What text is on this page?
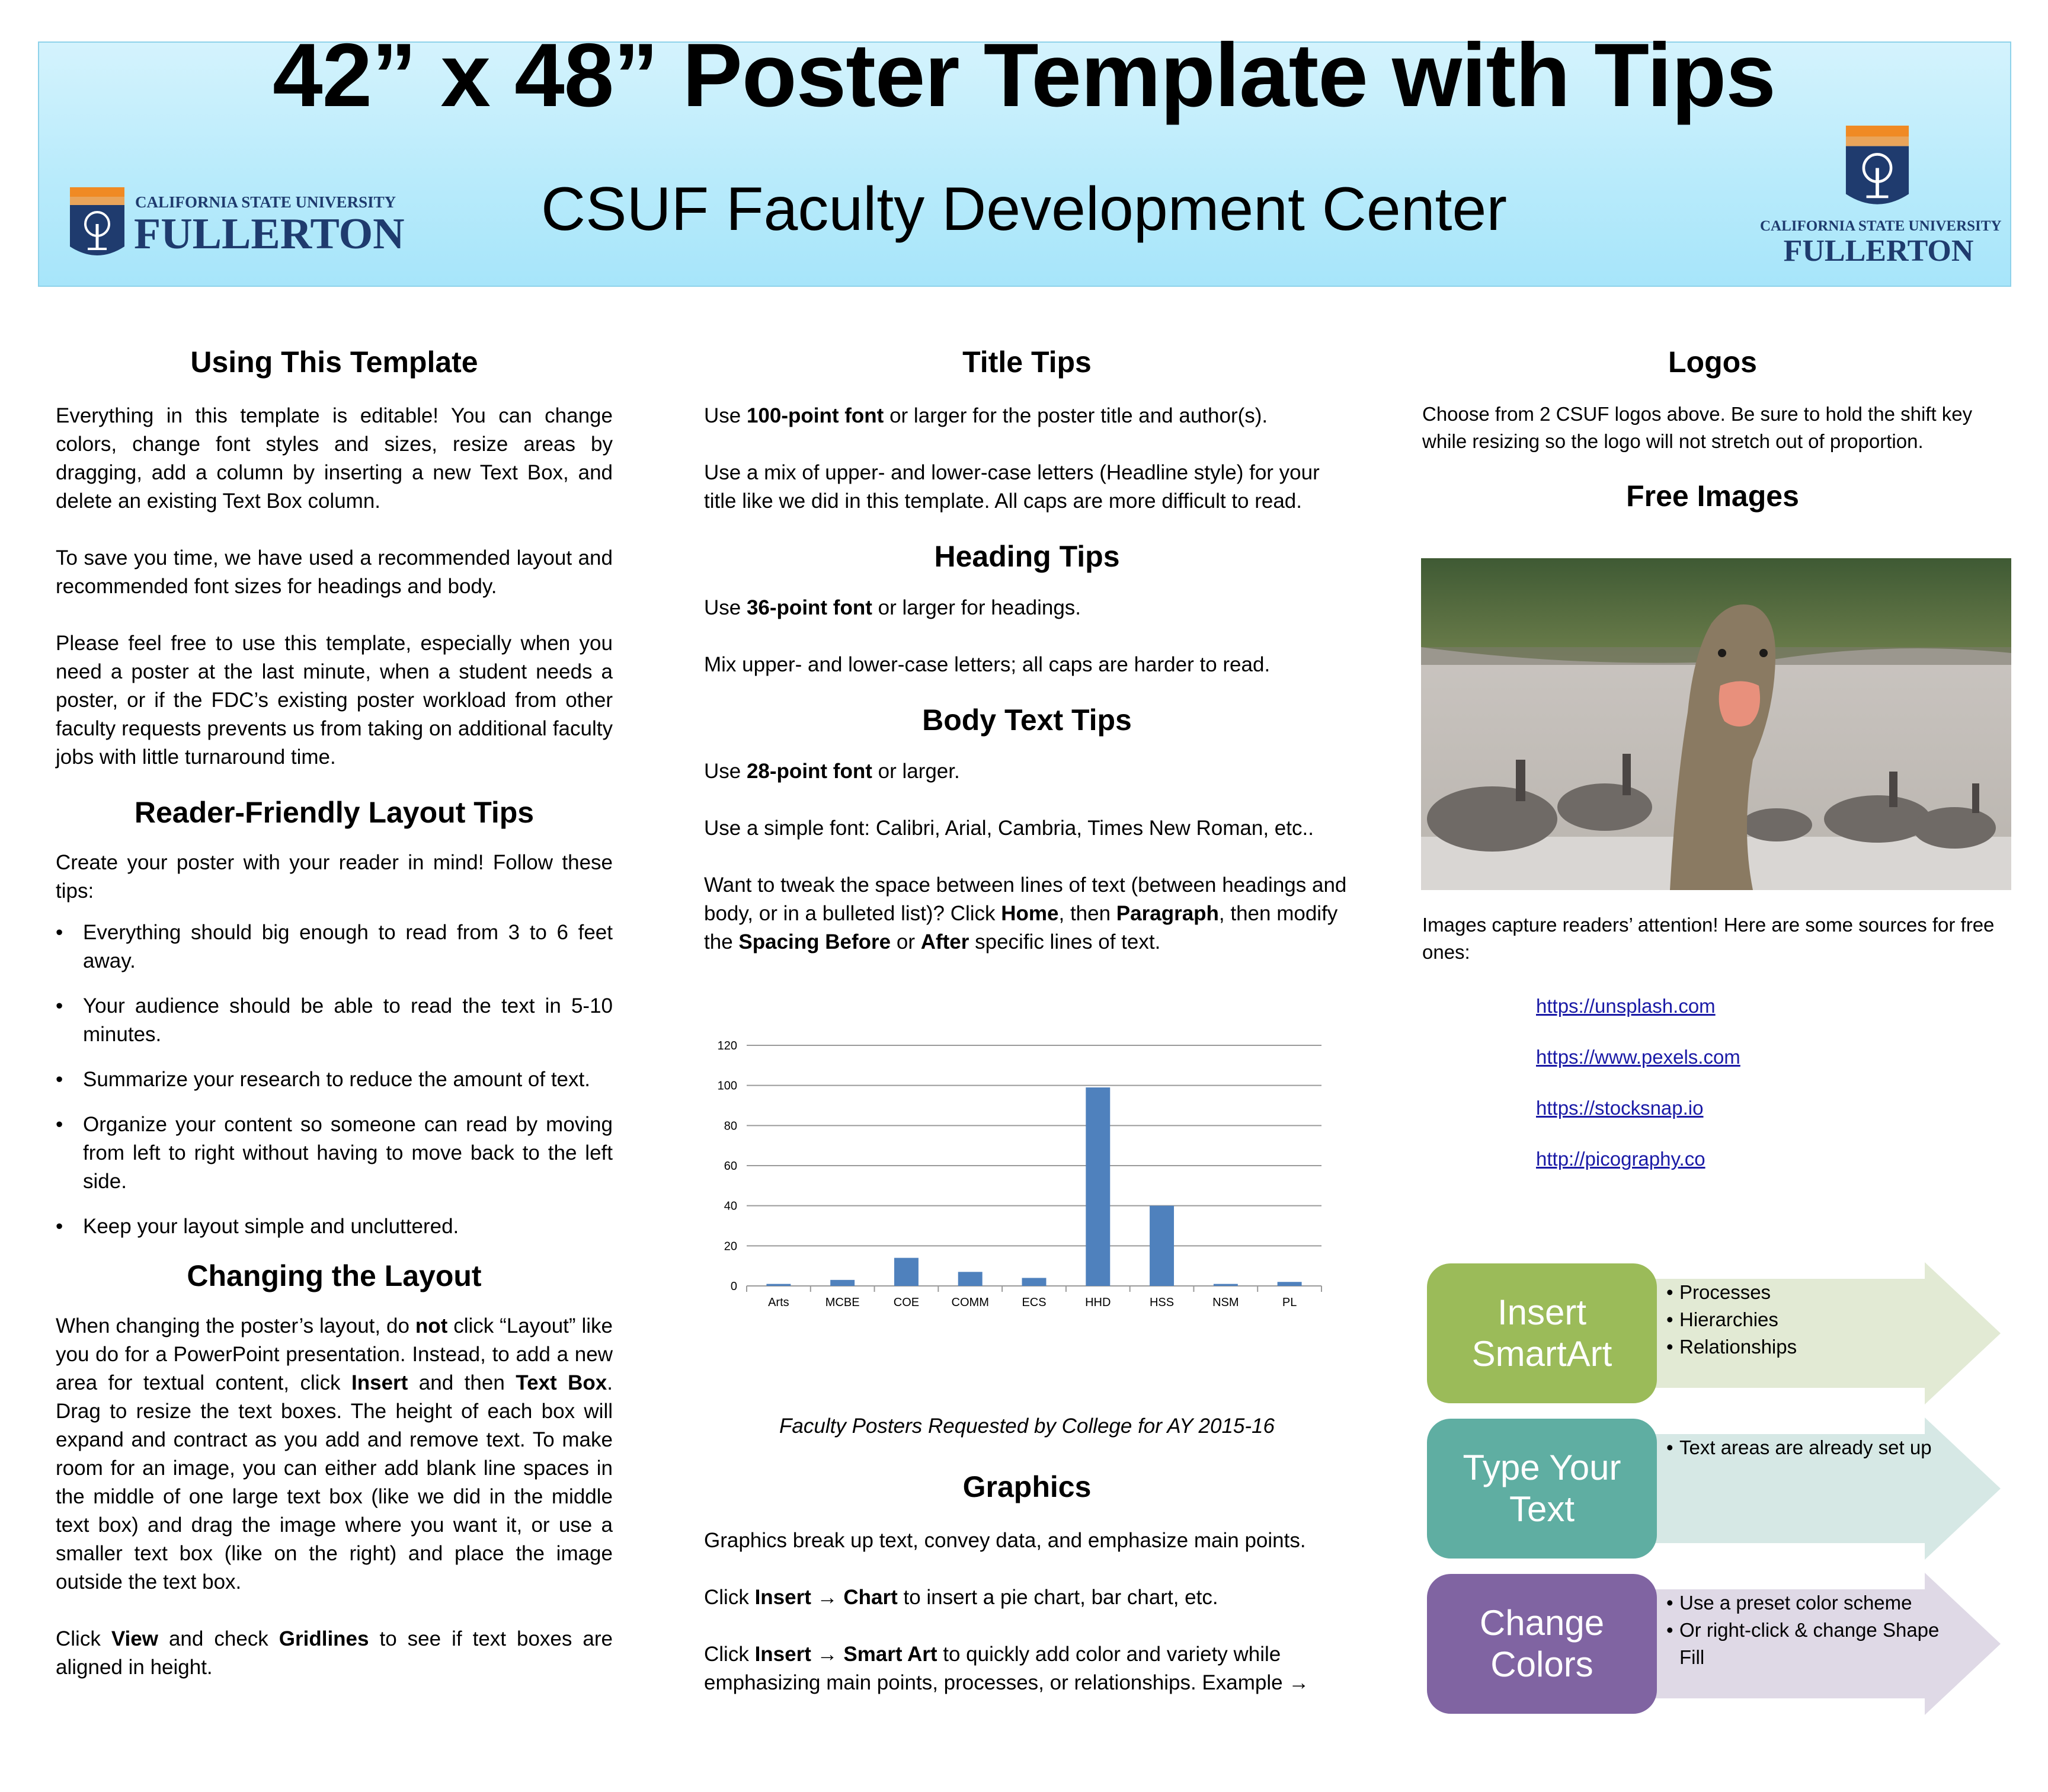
42” x 48” Poster Template with Tips
CSUF Faculty Development Center
CALIFORNIA STATE UNIVERSITY
FULLERTON	CALIFORNIA STATE UNIVERSITY
FULLERTON
Using This Template

Everything in this template is editable! You can change colors, change font styles and sizes, resize areas by dragging, add a column by inserting a new Text Box, and delete an existing Text Box column.

To save you time, we have used a recommended layout and recommended font sizes for headings and body.

Please feel free to use this template, especially when you need a poster at the last minute, when a student needs a poster, or if the FDC’s existing poster workload from other faculty requests prevents us from taking on additional faculty jobs with little turnaround time.

Reader-Friendly Layout Tips

Create your poster with your reader in mind! Follow these tips:

• Everything should big enough to read from 3 to 6 feet away.
• Your audience should be able to read the text in 5-10 minutes.
• Summarize your research to reduce the amount of text.
• Organize your content so someone can read by moving from left to right without having to move back to the left side.
• Keep your layout simple and uncluttered.
Changing the Layout

When changing the poster’s layout, do not click “Layout” like you do for a PowerPoint presentation. Instead, to add a new area for textual content, click Insert and then Text Box. Drag to resize the text boxes. The height of each box will expand and contract as you add and remove text. To make room for an image, you can either add blank line spaces in the middle of one large text box (like we did in the middle text box) and drag the image where you want it, or use a smaller text box (like on the right) and place the image outside the text box.

Click View and check Gridlines to see if text boxes are aligned in height.

Title Tips

Use 100-point font or larger for the poster title and author(s).

Use a mix of upper- and lower-case letters (Headline style) for your title like we did in this template. All caps are more difficult to read.

Heading Tips

Use 36-point font or larger for headings.

Mix upper- and lower-case letters; all caps are harder to read.

Body Text Tips

Use 28-point font or larger.

Use a simple font: Calibri, Arial, Cambria, Times New Roman, etc..

Want to tweak the space between lines of text (between headings and body, or in a bulleted list)? Click Home, then Paragraph, then modify the Spacing Before or After specific lines of text.

0
20
40
60
80
100
120
Arts	MCBE	COE	COMM	ECS	HHD	HSS	NSM	PL
Faculty Posters Requested by College for AY 2015-16
Graphics

Graphics break up text, convey data, and emphasize main points.

Click Insert → Chart to insert a pie chart, bar chart, etc.

Click Insert → Smart Art to quickly add color and variety while emphasizing main points, processes, or relationships. Example →

Logos

Choose from 2 CSUF logos above. Be sure to hold the shift key while resizing so the logo will not stretch out of proportion.

Free Images

Images capture readers’ attention! Here are some sources for free ones:

https://unsplash.com
https://www.pexels.com
https://stocksnap.io
http://picography.co
Insert SmartArt
• Processes
• Hierarchies
• Relationships
Type Your Text
• Text areas are already set up
Change Colors
• Use a preset color scheme
• Or right-click & change Shape Fill
